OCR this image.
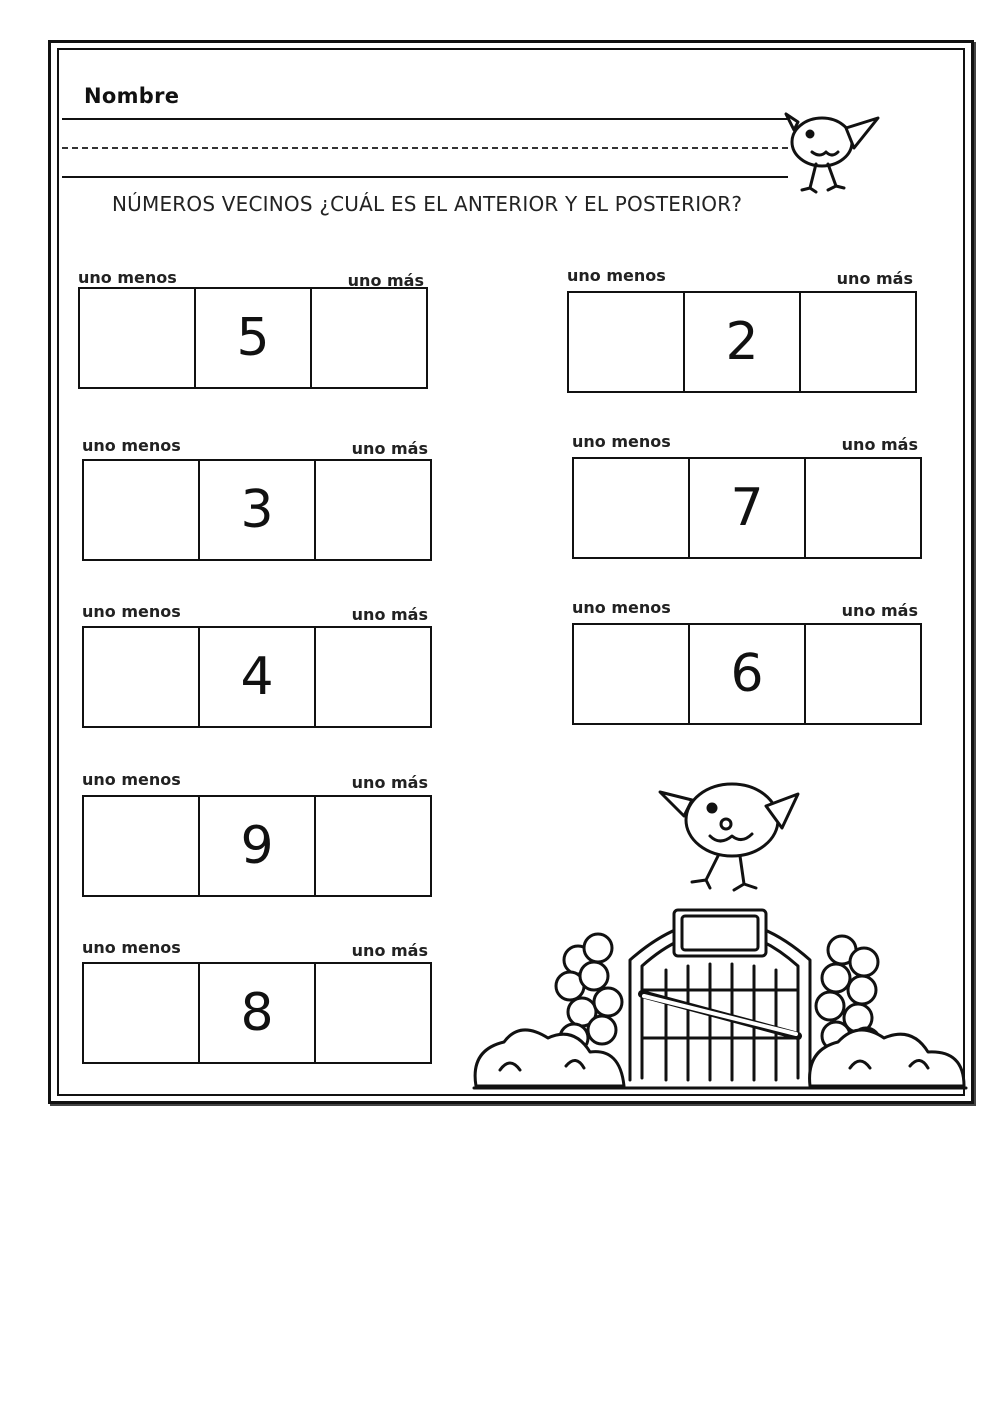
Nombre
NÚMEROS VECINOS ¿CUÁL ES EL ANTERIOR Y EL POSTERIOR?
uno menos	uno más
5
uno menos	uno más
2
uno menos	uno más
3
uno menos	uno más
7
uno menos	uno más
4
uno menos	uno más
6
uno menos	uno más
9
uno menos	uno más
8
